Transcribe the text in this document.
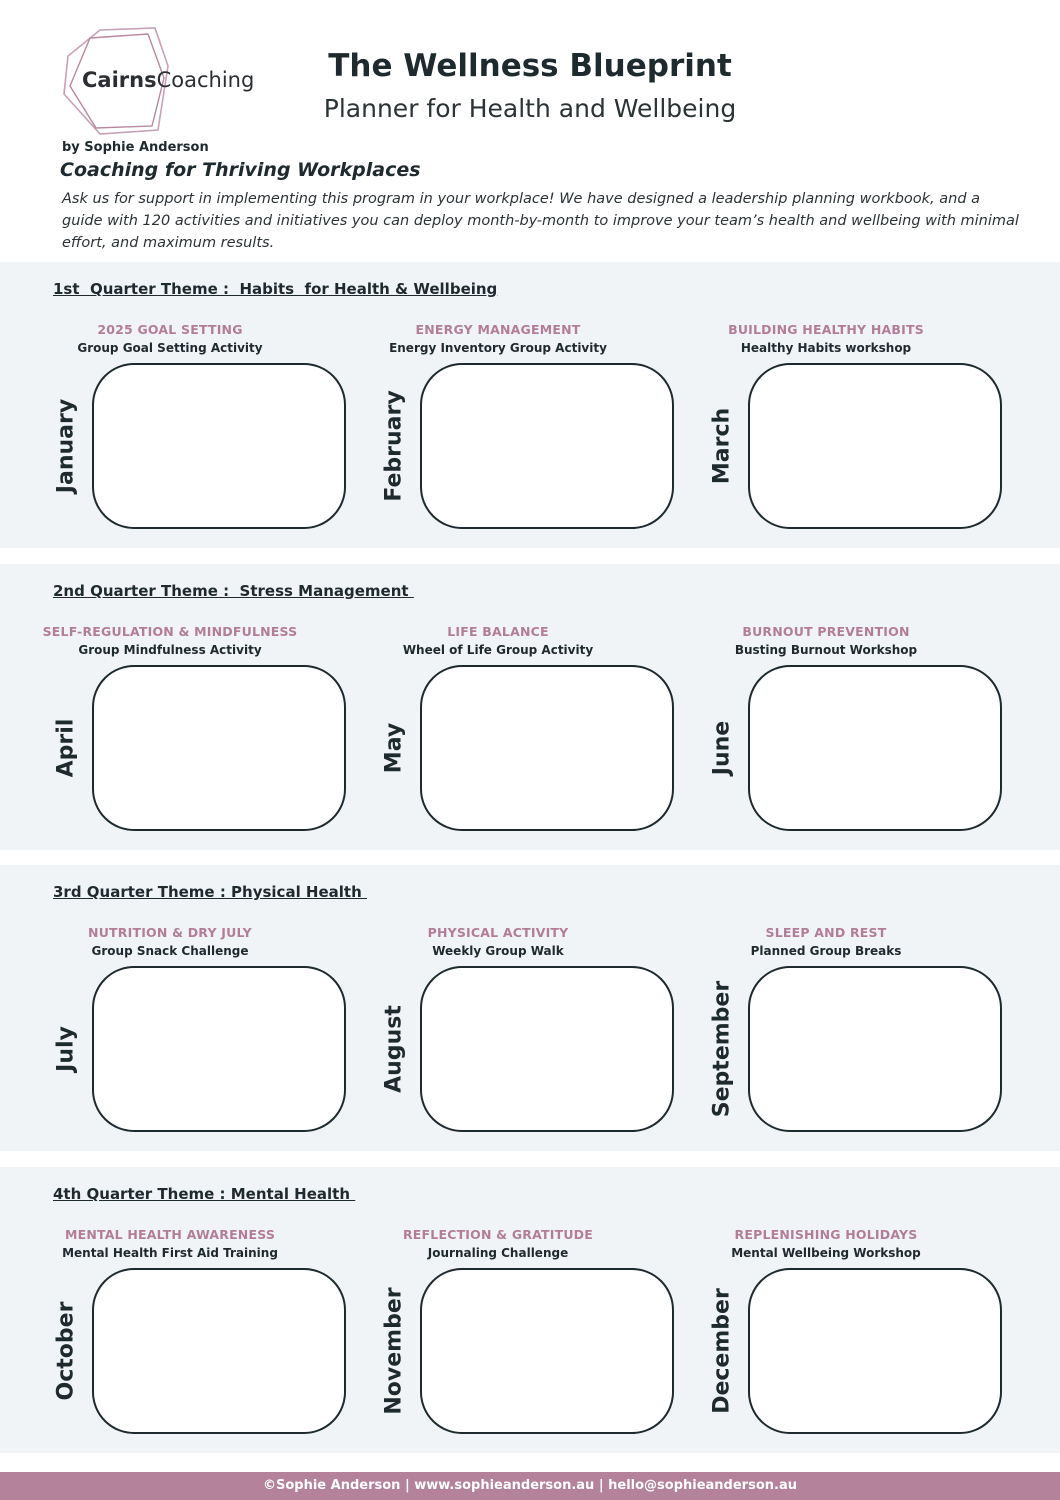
CairnsCoaching
by Sophie Anderson
The Wellness Blueprint
Planner for Health and Wellbeing
Coaching for Thriving Workplaces
Ask us for support in implementing this program in your workplace! We have designed a leadership planning workbook, and a guide with 120 activities and initiatives you can deploy month-by-month to improve your team’s health and wellbeing with minimal effort, and maximum results.
1st  Quarter Theme :  Habits  for Health & Wellbeing
2025 GOAL SETTING
Group Goal Setting Activity
January
ENERGY MANAGEMENT
Energy Inventory Group Activity
February
BUILDING HEALTHY HABITS
Healthy Habits workshop
March
2nd Quarter Theme :  Stress Management
SELF-REGULATION & MINDFULNESS
Group Mindfulness Activity
April
LIFE BALANCE
Wheel of Life Group Activity
May
BURNOUT PREVENTION
Busting Burnout Workshop
June
3rd Quarter Theme : Physical Health
NUTRITION & DRY JULY
Group Snack Challenge
July
PHYSICAL ACTIVITY
Weekly Group Walk
August
SLEEP AND REST
Planned Group Breaks
September
4th Quarter Theme : Mental Health
MENTAL HEALTH AWARENESS
Mental Health First Aid Training
October
REFLECTION & GRATITUDE
Journaling Challenge
November
REPLENISHING HOLIDAYS
Mental Wellbeing Workshop
December
©Sophie Anderson | www.sophieanderson.au | hello@sophieanderson.au
